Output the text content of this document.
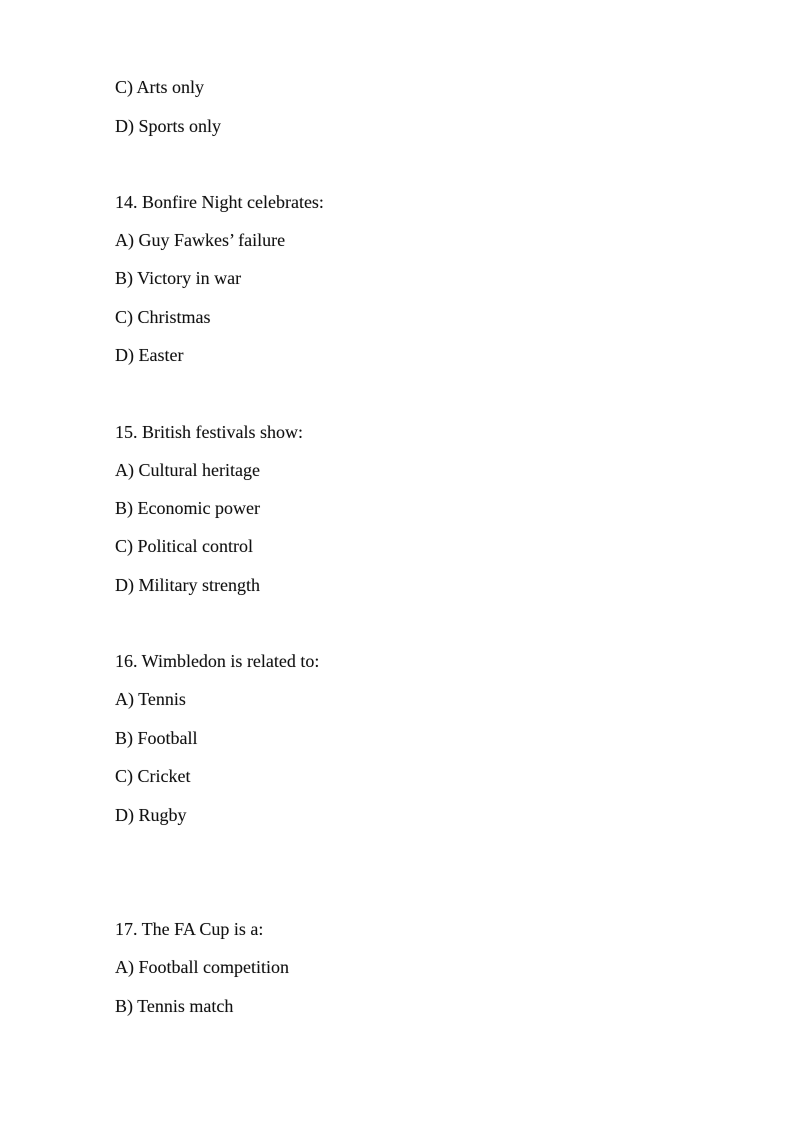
C) Arts only
D) Sports only
14. Bonfire Night celebrates:
A) Guy Fawkes’ failure
B) Victory in war
C) Christmas
D) Easter
15. British festivals show:
A) Cultural heritage
B) Economic power
C) Political control
D) Military strength
16. Wimbledon is related to:
A) Tennis
B) Football
C) Cricket
D) Rugby
17. The FA Cup is a:
A) Football competition
B) Tennis match
